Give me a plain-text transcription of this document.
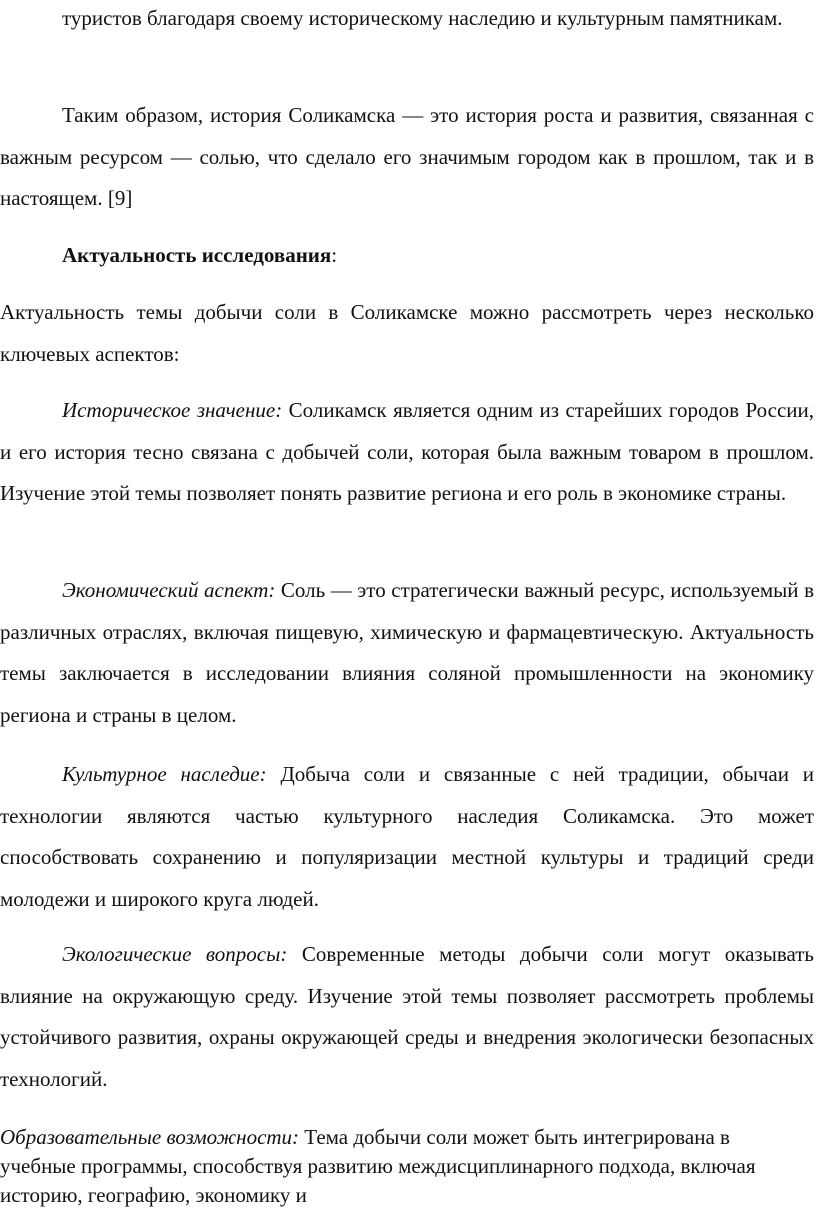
туристов благодаря своему историческому наследию и культурным памятникам.

Таким образом, история Соликамска — это история роста и развития, связанная с важным ресурсом — солью, что сделало его значимым городом как в прошлом, так и в настоящем. [9]

Актуальность исследования:

Актуальность темы добычи соли в Соликамске можно рассмотреть через несколько ключевых аспектов:

Историческое значение: Соликамск является одним из старейших городов России, и его история тесно связана с добычей соли, которая была важным товаром в прошлом. Изучение этой темы позволяет понять развитие региона и его роль в экономике страны.

Экономический аспект: Соль — это стратегически важный ресурс, используемый в различных отраслях, включая пищевую, химическую и фармацевтическую. Актуальность темы заключается в исследовании влияния соляной промышленности на экономику региона и страны в целом.

Культурное наследие: Добыча соли и связанные с ней традиции, обычаи и технологии являются частью культурного наследия Соликамска. Это может способствовать сохранению и популяризации местной культуры и традиций среди молодежи и широкого круга людей.

Экологические вопросы: Современные методы добычи соли могут оказывать влияние на окружающую среду. Изучение этой темы позволяет рассмотреть проблемы устойчивого развития, охраны окружающей среды и внедрения экологически безопасных технологий.

Образовательные возможности: Тема добычи соли может быть интегрирована в учебные программы, способствуя развитию междисциплинарного подхода, включая историю, географию, экономику и
